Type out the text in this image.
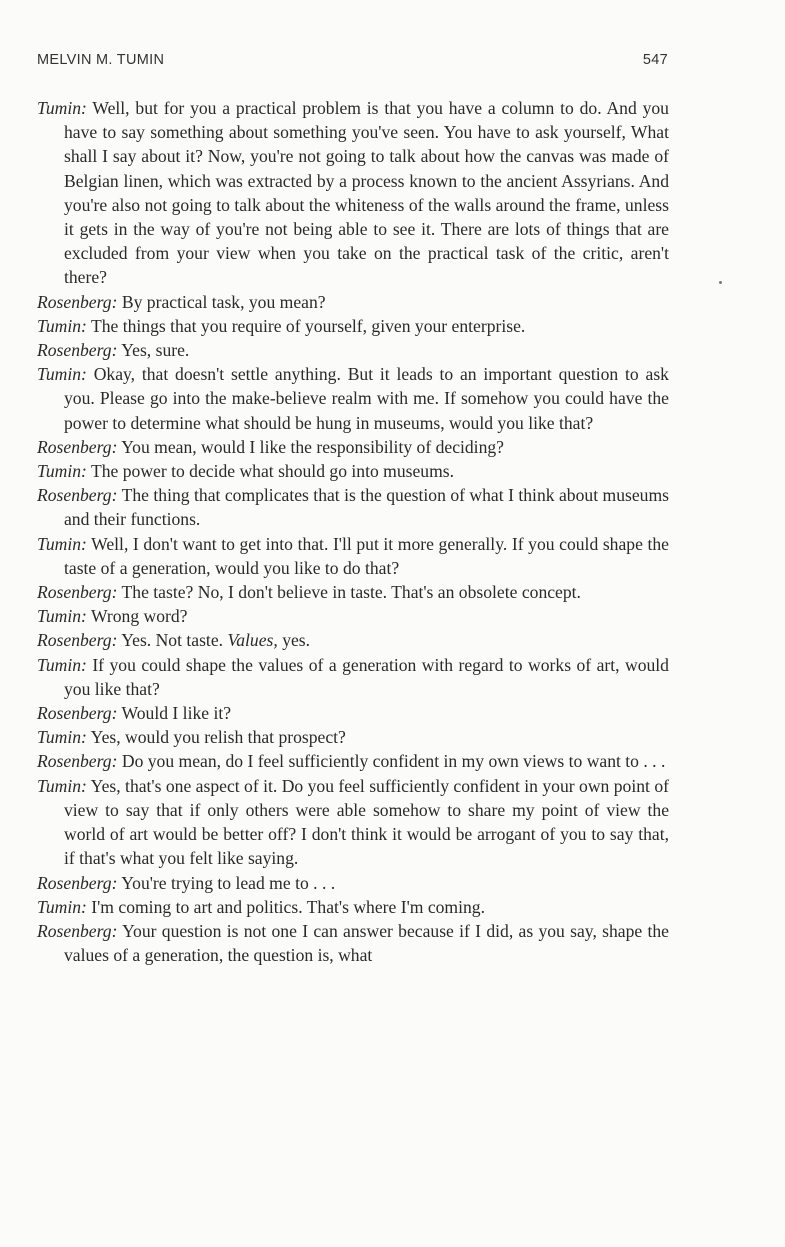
MELVIN M. TUMIN	547

Tumin: Well, but for you a practical problem is that you have a column to do. And you have to say something about something you've seen. You have to ask yourself, What shall I say about it? Now, you're not going to talk about how the canvas was made of Belgian linen, which was extracted by a process known to the ancient Assyrians. And you're also not going to talk about the whiteness of the walls around the frame, unless it gets in the way of you're not being able to see it. There are lots of things that are excluded from your view when you take on the practical task of the critic, aren't there?

Rosenberg: By practical task, you mean?

Tumin: The things that you require of yourself, given your enterprise.

Rosenberg: Yes, sure.

Tumin: Okay, that doesn't settle anything. But it leads to an important question to ask you. Please go into the make-believe realm with me. If somehow you could have the power to determine what should be hung in museums, would you like that?

Rosenberg: You mean, would I like the responsibility of deciding?

Tumin: The power to decide what should go into museums.

Rosenberg: The thing that complicates that is the question of what I think about museums and their functions.

Tumin: Well, I don't want to get into that. I'll put it more generally. If you could shape the taste of a generation, would you like to do that?

Rosenberg: The taste? No, I don't believe in taste. That's an obsolete concept.

Tumin: Wrong word?

Rosenberg: Yes. Not taste. Values, yes.

Tumin: If you could shape the values of a generation with regard to works of art, would you like that?

Rosenberg: Would I like it?

Tumin: Yes, would you relish that prospect?

Rosenberg: Do you mean, do I feel sufficiently confident in my own views to want to . . .

Tumin: Yes, that's one aspect of it. Do you feel sufficiently confident in your own point of view to say that if only others were able somehow to share my point of view the world of art would be better off? I don't think it would be arrogant of you to say that, if that's what you felt like saying.

Rosenberg: You're trying to lead me to . . .

Tumin: I'm coming to art and politics. That's where I'm coming.

Rosenberg: Your question is not one I can answer because if I did, as you say, shape the values of a generation, the question is, what
